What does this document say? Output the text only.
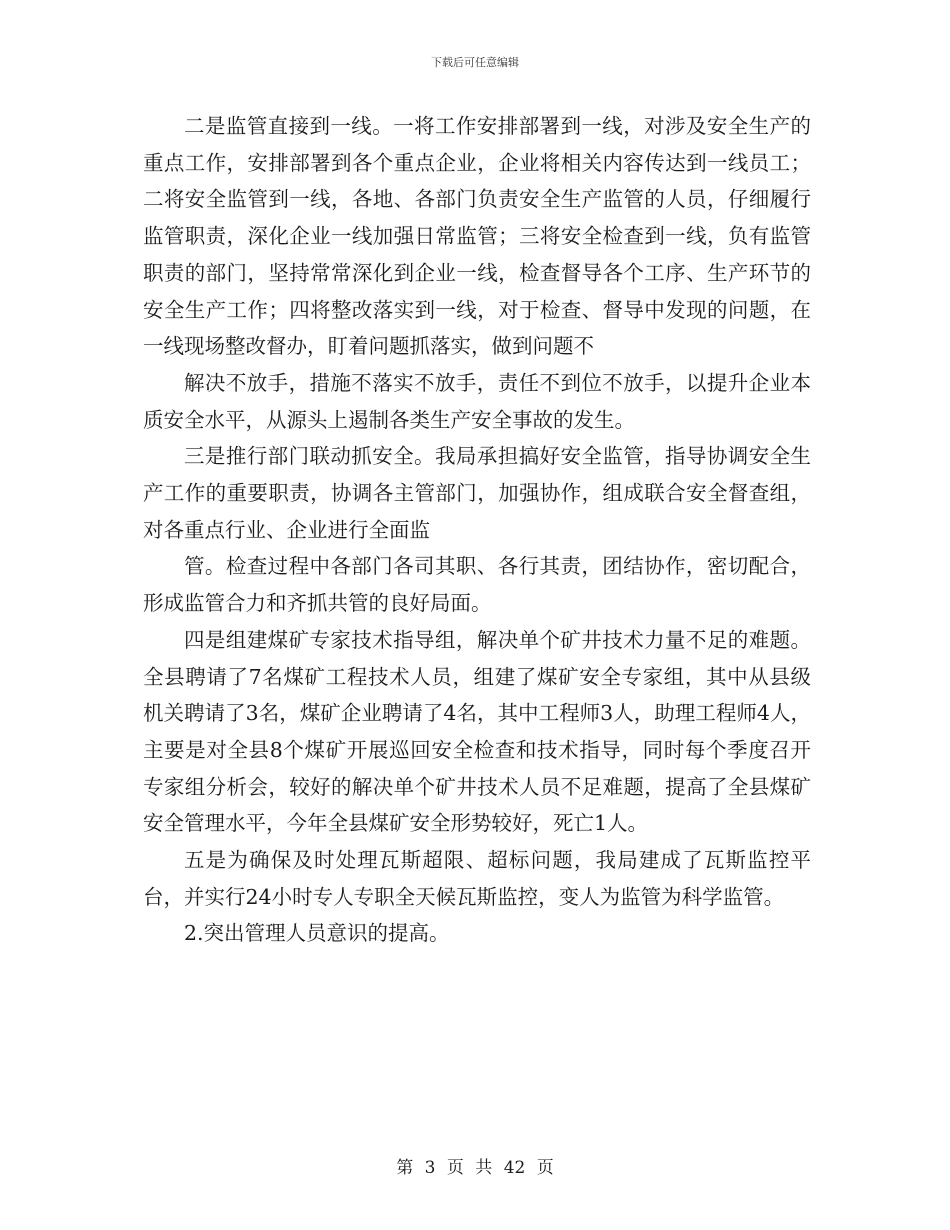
下载后可任意编辑

二是监管直接到一线。一将工作安排部署到一线，对涉及安全生产的重点工作，安排部署到各个重点企业，企业将相关内容传达到一线员工；二将安全监管到一线，各地、各部门负责安全生产监管的人员，仔细履行监管职责，深化企业一线加强日常监管；三将安全检查到一线，负有监管职责的部门，坚持常常深化到企业一线，检查督导各个工序、生产环节的安全生产工作；四将整改落实到一线，对于检查、督导中发现的问题，在一线现场整改督办，盯着问题抓落实，做到问题不

解决不放手，措施不落实不放手，责任不到位不放手，以提升企业本质安全水平，从源头上遏制各类生产安全事故的发生。

三是推行部门联动抓安全。我局承担搞好安全监管，指导协调安全生产工作的重要职责，协调各主管部门，加强协作，组成联合安全督查组，对各重点行业、企业进行全面监

管。检查过程中各部门各司其职、各行其责，团结协作，密切配合，形成监管合力和齐抓共管的良好局面。

四是组建煤矿专家技术指导组，解决单个矿井技术力量不足的难题。全县聘请了7名煤矿工程技术人员，组建了煤矿安全专家组，其中从县级机关聘请了3名，煤矿企业聘请了4名，其中工程师3人，助理工程师4人，主要是对全县8个煤矿开展巡回安全检查和技术指导，同时每个季度召开专家组分析会，较好的解决单个矿井技术人员不足难题，提高了全县煤矿安全管理水平，今年全县煤矿安全形势较好，死亡1人。

五是为确保及时处理瓦斯超限、超标问题，我局建成了瓦斯监控平台，并实行24小时专人专职全天候瓦斯监控，变人为监管为科学监管。

2.突出管理人员意识的提高。

第 3 页 共 42 页
